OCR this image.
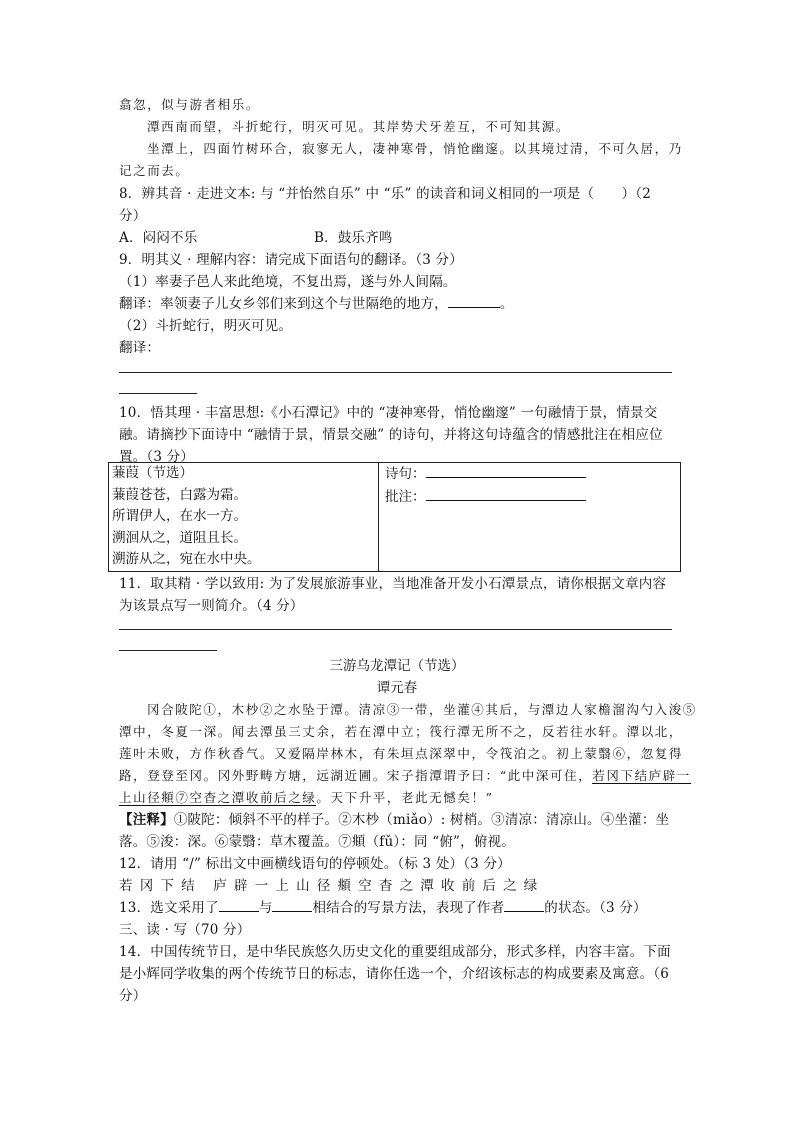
翕忽，似与游者相乐。
潭西南而望，斗折蛇行，明灭可见。其岸势犬牙差互，不可知其源。
坐潭上，四面竹树环合，寂寥无人，凄神寒骨，悄怆幽邃。以其境过清，不可久居，乃
记之而去。
8．辨其音 · 走进文本: 与 “并怡然自乐” 中 “乐” 的读音和词义相同的一项是（　　）（2
分）
A．闷闷不乐	B．鼓乐齐鸣
9．明其义 · 理解内容：请完成下面语句的翻译。（3 分）
（1）率妻子邑人来此绝境，不复出焉，遂与外人间隔。
翻译：率领妻子儿女乡邻们来到这个与世隔绝的地方，	。
（2）斗折蛇行，明灭可见。
翻译：
10．悟其理 · 丰富思想:《小石潭记》中的 “凄神寒骨，悄怆幽邃” 一句融情于景，情景交
融。请摘抄下面诗中 “融情于景，情景交融” 的诗句，并将这句诗蕴含的情感批注在相应位
置。（3 分）
蒹葭（节选）
蒹葭苍苍，白露为霜。
所谓伊人，在水一方。
溯洄从之，道阻且长。
溯游从之，宛在水中央。

诗句：
批注：
11．取其精 · 学以致用: 为了发展旅游事业，当地准备开发小石潭景点，请你根据文章内容
为该景点写一则简介。（4 分）
三游乌龙潭记（节选）
谭元春
冈合陂陀①，木杪②之水坠于潭。清凉③一带，坐灌④其后，与潭边人家檐溜沟勺入浚⑤
潭中，冬夏一深。闻去潭虽三丈余，若在潭中立；筏行潭无所不之，反若往水轩。潭以北，
莲叶未败，方作秋香气。又爱隔岸林木，有朱垣点深翠中，令筏泊之。初上蒙翳⑥，忽复得
路，登登至冈。冈外野畴方塘，远湖近圃。宋子指潭谓予曰：“此中深可住，若冈下结庐辟一
上山径頫⑦空杳之潭收前后之绿。天下升平，老此无憾矣！”
【注释】①陂陀：倾斜不平的样子。②木杪（miǎo）: 树梢。③清凉：清凉山。④坐灌：坐
落。⑤浚：深。⑥蒙翳：草木覆盖。⑦頫（fǔ）：同 “俯”，俯视。
12．请用 “/” 标出文中画横线语句的停顿处。（标 3 处）（3 分）
若冈下结 庐辟一上山径頫空杳之潭收前后之绿
13．选文采用了	与	相结合的写景方法，表现了作者	的状态。（3 分）
三、读 · 写（70 分）
14．中国传统节日，是中华民族悠久历史文化的重要组成部分，形式多样，内容丰富。下面
是小辉同学收集的两个传统节日的标志，请你任选一个，介绍该标志的构成要素及寓意。（6
分）
